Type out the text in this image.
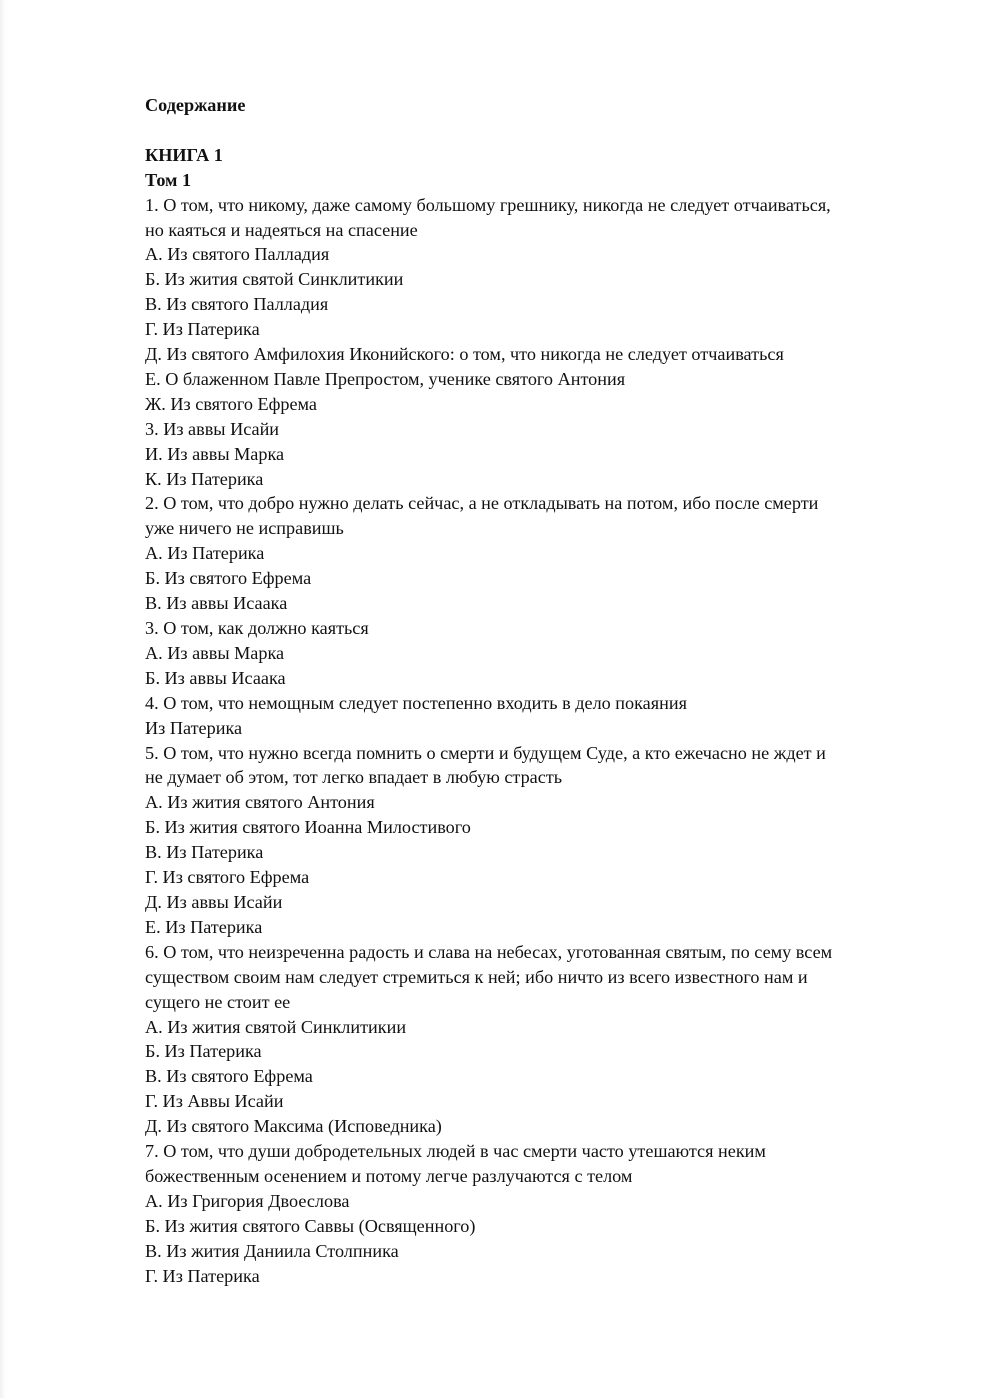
Содержание

КНИГА 1

Том 1

1. О том, что никому, даже самому большому грешнику, никогда не следует отчаиваться,

но каяться и надеяться на спасение

А. Из святого Палладия

Б. Из жития святой Синклитикии

В. Из святого Палладия

Г. Из Патерика

Д. Из святого Амфилохия Иконийского: о том, что никогда не следует отчаиваться

Е. О блаженном Павле Препростом, ученике святого Антония

Ж. Из святого Ефрема

3. Из аввы Исайи

И. Из аввы Марка

К. Из Патерика

2. О том, что добро нужно делать сейчас, а не откладывать на потом, ибо после смерти

уже ничего не исправишь

А. Из Патерика

Б. Из святого Ефрема

В. Из аввы Исаака

3. О том, как должно каяться

А. Из аввы Марка

Б. Из аввы Исаака

4. О том, что немощным следует постепенно входить в дело покаяния

Из Патерика

5. О том, что нужно всегда помнить о смерти и будущем Суде, а кто ежечасно не ждет и

не думает об этом, тот легко впадает в любую страсть

А. Из жития святого Антония

Б. Из жития святого Иоанна Милостивого

В. Из Патерика

Г. Из святого Ефрема

Д. Из аввы Исайи

Е. Из Патерика

6. О том, что неизреченна радость и слава на небесах, уготованная святым, по сему всем

существом своим нам следует стремиться к ней; ибо ничто из всего известного нам и

сущего не стоит ее

А. Из жития святой Синклитикии

Б. Из Патерика

В. Из святого Ефрема

Г. Из Аввы Исайи

Д. Из святого Максима (Исповедника)

7. О том, что души добродетельных людей в час смерти часто утешаются неким

божественным осенением и потому легче разлучаются с телом

А. Из Григория Двоеслова

Б. Из жития святого Саввы (Освященного)

В. Из жития Даниила Столпника

Г. Из Патерика
